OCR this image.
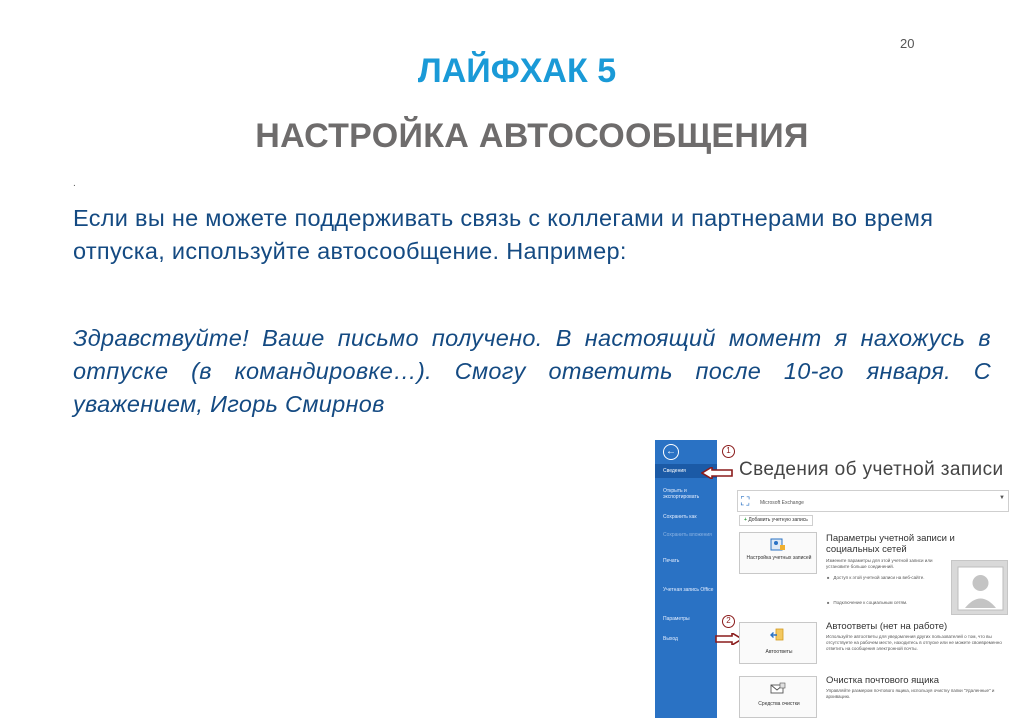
20
ЛАЙФХАК 5
НАСТРОЙКА АВТОСООБЩЕНИЯ
.
Если вы не можете поддерживать связь с коллегами и партнерами во время отпуска, используйте автосообщение. Например:
Здравствуйте! Ваше письмо получено. В настоящий момент я нахожусь в отпуске (в командировке…). Смогу ответить после 10-го января. С уважением, Игорь Смирнов
←
Сведения
Открыть и экспортировать
Сохранить как
Сохранить вложения
Печать
Учетная запись Office
Параметры
Выход
1
2
Сведения об учетной записи
⛶ Microsoft Exchange
▼
+ Добавить учетную запись
Настройка учетных записей
Параметры учетной записи и социальных сетей
Измените параметры для этой учетной записи или установите больше соединений.
■ Доступ к этой учетной записи на веб-сайте.
■ Подключение к социальным сетям.
Автоответы
Автоответы (нет на работе)
Используйте автоответы для уведомления других пользователей о том, что вы отсутствуете на рабочем месте, находитесь в отпуске или не можете своевременно ответить на сообщения электронной почты.
Средства очистки
Очистка почтового ящика
Управляйте размером почтового ящика, используя очистку папки "Удаленные" и архивацию.
